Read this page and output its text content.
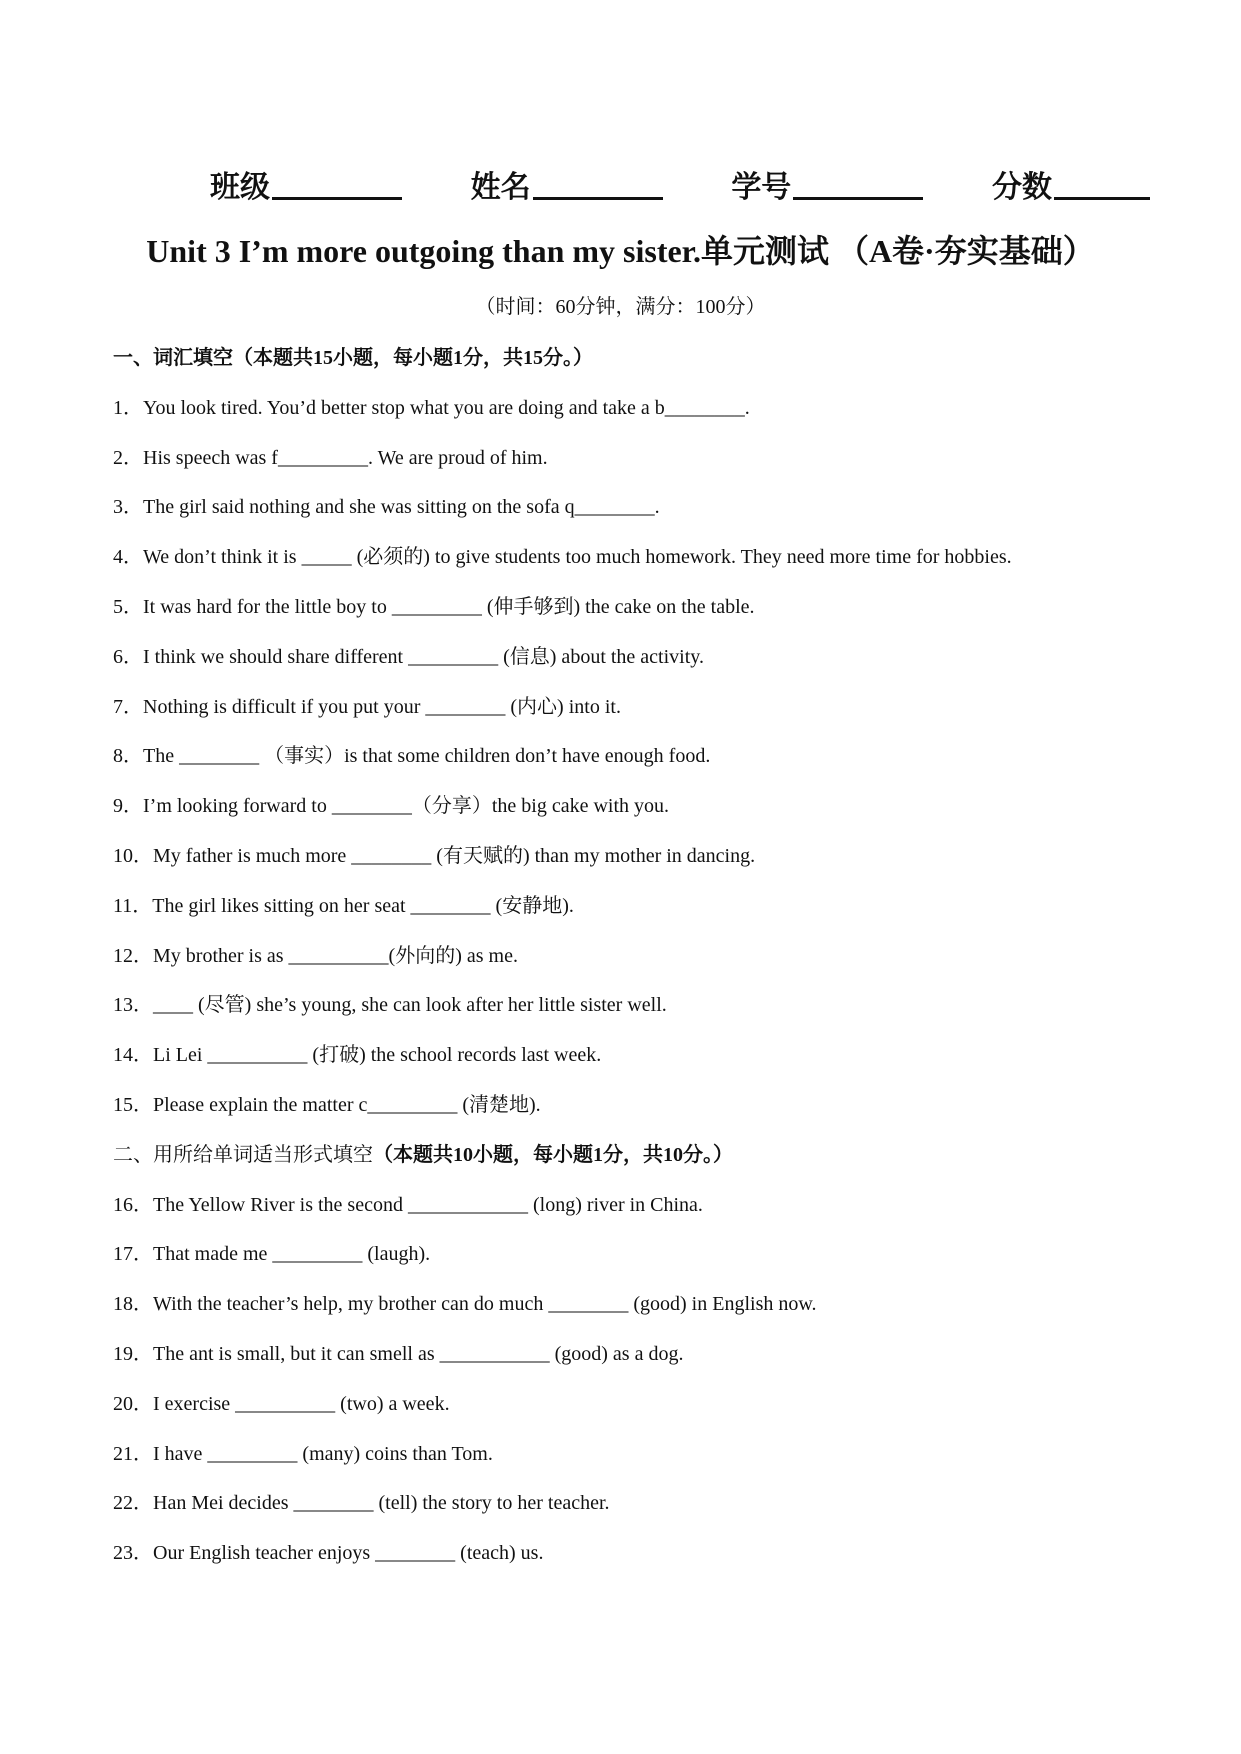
班级	姓名	学号	分数
Unit 3 I’m more outgoing than my sister.单元测试 （A卷·夯实基础）
（时间：60分钟，满分：100分）
一、词汇填空（本题共15小题，每小题1分，共15分。）
1．You look tired. You’d better stop what you are doing and take a b________.
2．His speech was f_________. We are proud of him.
3．The girl said nothing and she was sitting on the sofa q________.
4．We don’t think it is _____ (必须的) to give students too much homework. They need more time for hobbies.
5．It was hard for the little boy to _________ (伸手够到) the cake on the table.
6．I think we should share different _________ (信息) about the activity.
7．Nothing is difficult if you put your ________ (内心) into it.
8．The ________ （事实）is that some children don’t have enough food.
9．I’m looking forward to ________（分享）the big cake with you.
10．My father is much more ________ (有天赋的) than my mother in dancing.
11．The girl likes sitting on her seat ________ (安静地).
12．My brother is as __________(外向的) as me.
13．____ (尽管) she’s young, she can look after her little sister well.
14．Li Lei __________ (打破) the school records last week.
15．Please explain the matter c_________ (清楚地).
二、用所给单词适当形式填空（本题共10小题，每小题1分，共10分。）
16．The Yellow River is the second ____________ (long) river in China.
17．That made me _________ (laugh).
18．With the teacher’s help, my brother can do much ________ (good) in English now.
19．The ant is small, but it can smell as ___________ (good) as a dog.
20．I exercise __________ (two) a week.
21．I have _________ (many) coins than Tom.
22．Han Mei decides ________ (tell) the story to her teacher.
23．Our English teacher enjoys ________ (teach) us.
